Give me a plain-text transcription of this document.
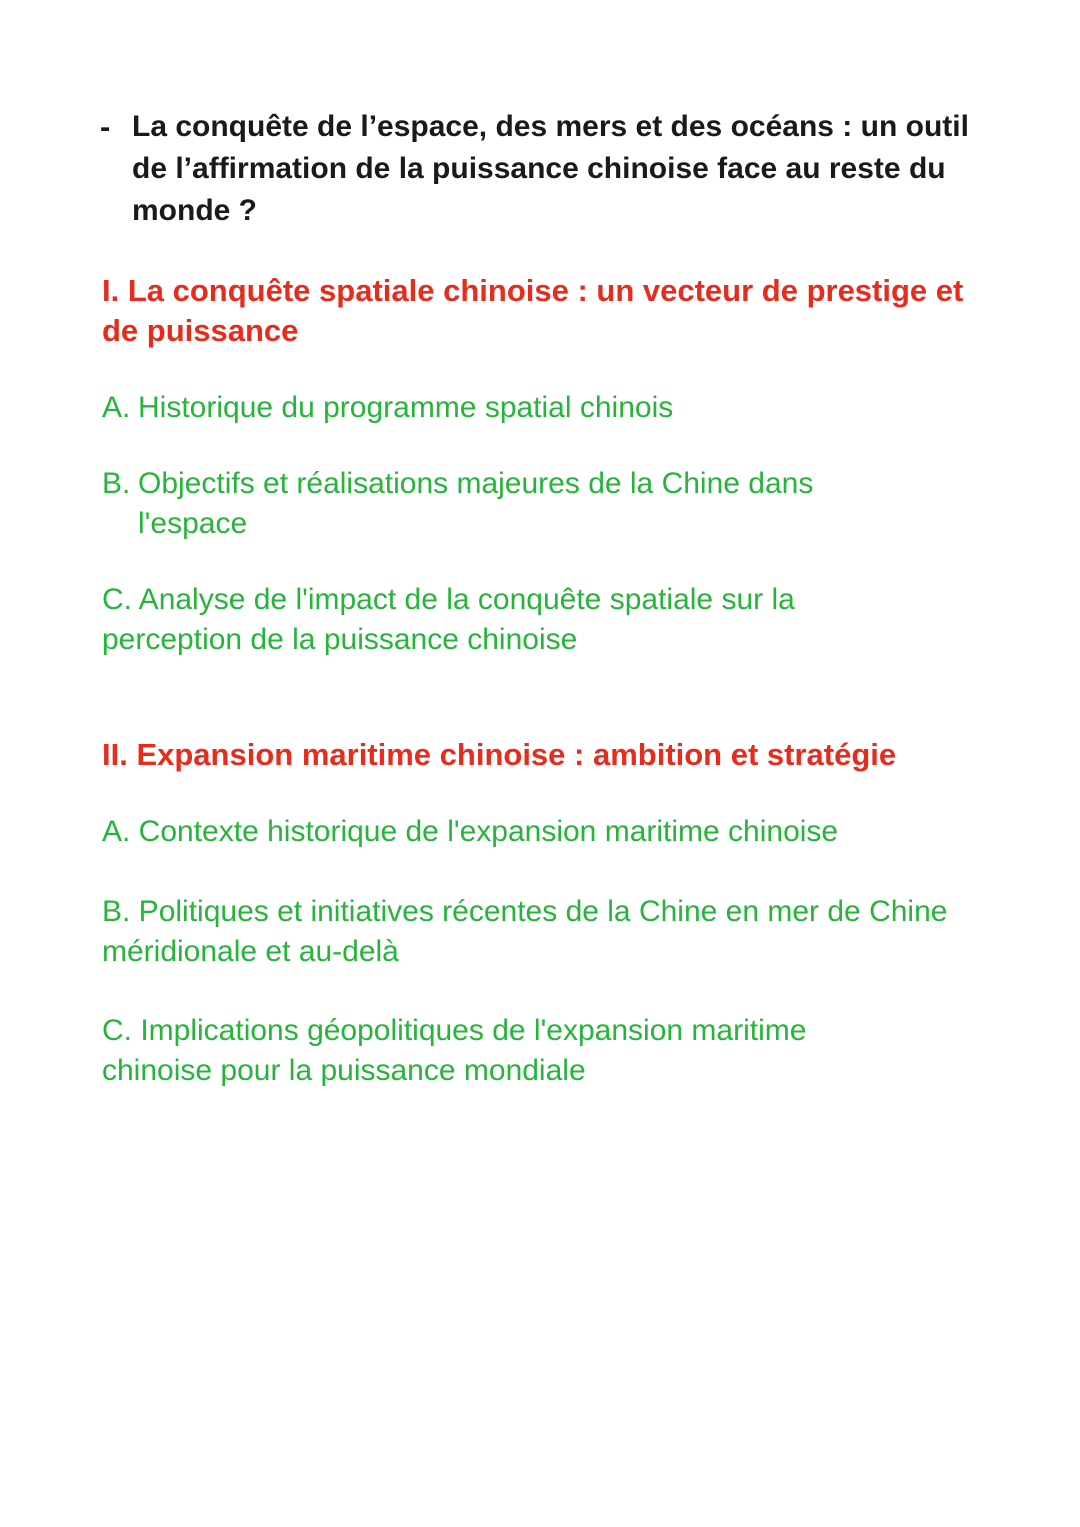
- La conquête de l’espace, des mers et des océans : un outil de l’affirmation de la puissance chinoise face au reste du monde ?

I. La conquête spatiale chinoise : un vecteur de prestige et de puissance

A. Historique du programme spatial chinois
B. Objectifs et réalisations majeures de la Chine dans l'espace
C. Analyse de l'impact de la conquête spatiale sur la perception de la puissance chinoise

II. Expansion maritime chinoise : ambition et stratégie

A. Contexte historique de l'expansion maritime chinoise
B. Politiques et initiatives récentes de la Chine en mer de Chine méridionale et au-delà
C. Implications géopolitiques de l'expansion maritime chinoise pour la puissance mondiale
